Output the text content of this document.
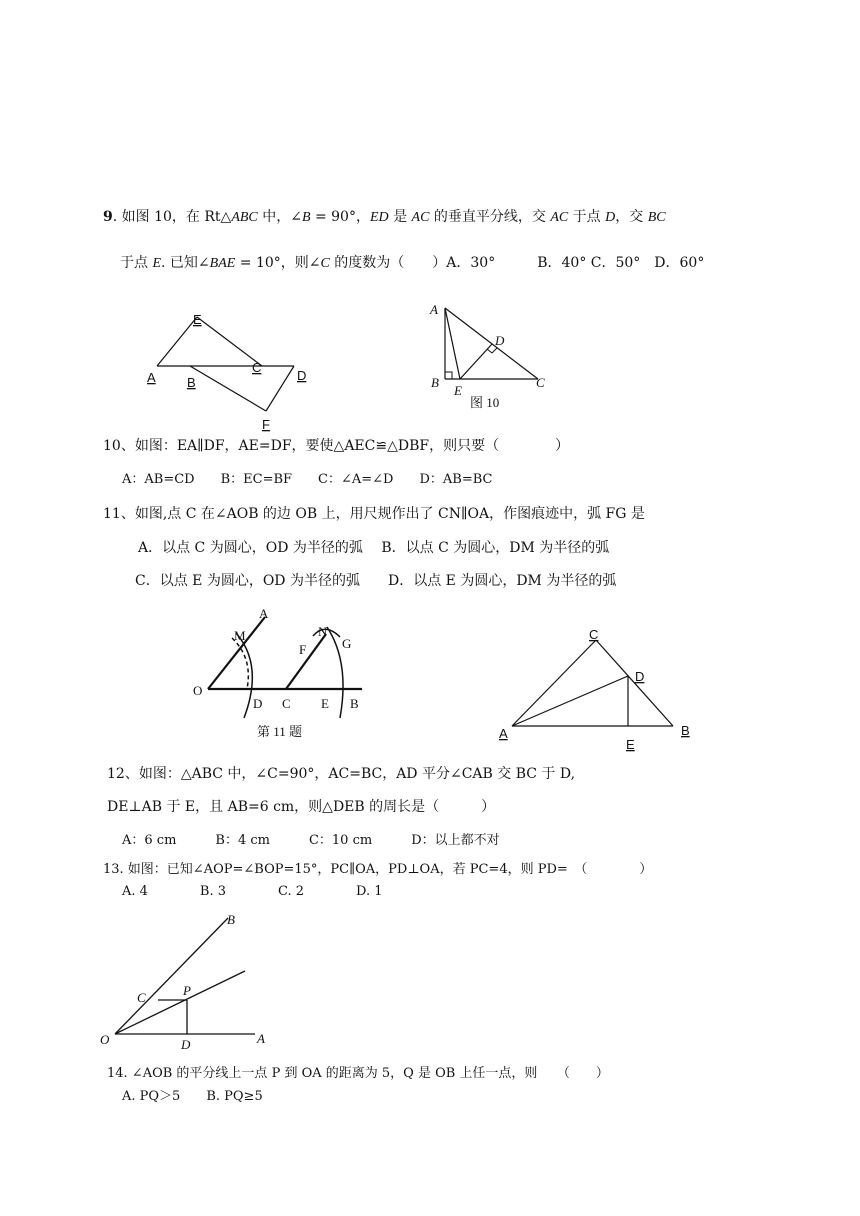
9. 如图 10，在 Rt△ABC 中，∠B = 90°，ED 是 AC 的垂直平分线，交 AC 于点 D，交 BC
于点 E. 已知∠BAE = 10°，则∠C 的度数为（　　）A．30°　　　B．40° C．50°　D．60°
E
A B
C
D
F
A
D
B
E
C
图 10
10、如图：EA∥DF，AE=DF，要使△AEC≌△DBF，则只要（　　　　）
A：AB=CD　　B：EC=BF　　C：∠A=∠D　　D：AB=BC
11、如图,点 C 在∠AOB 的边 OB 上，用尺规作出了 CN∥OA，作图痕迹中，弧 FG 是
A．以点 C 为圆心，OD 为半径的弧　 B．以点 C 为圆心，DM 为半径的弧
C．以点 E 为圆心，OD 为半径的弧　　D．以点 E 为圆心，DM 为半径的弧
A
M	N
G
F
O
D C E B
第 11 题
C
D
A
E
B
12、如图：△ABC 中，∠C=90°，AC=BC，AD 平分∠CAB 交 BC 于 D,
DE⊥AB 于 E，且 AB=6 cm，则△DEB 的周长是（　　　）
A：6 cm　　　B：4 cm　　　C：10 cm　　　D：以上都不对
13. 如图：已知∠AOP=∠BOP=15°，PC∥OA，PD⊥OA，若 PC=4，则 PD=　（　　　　）
A. 4　　　　B. 3　　　　C. 2　　　　D. 1
B
C	P
O	D	A
14. ∠AOB 的平分线上一点 P 到 OA 的距离为 5，Q 是 OB 上任一点，则　　（　　）
A. PQ＞5　　B. PQ≥5
